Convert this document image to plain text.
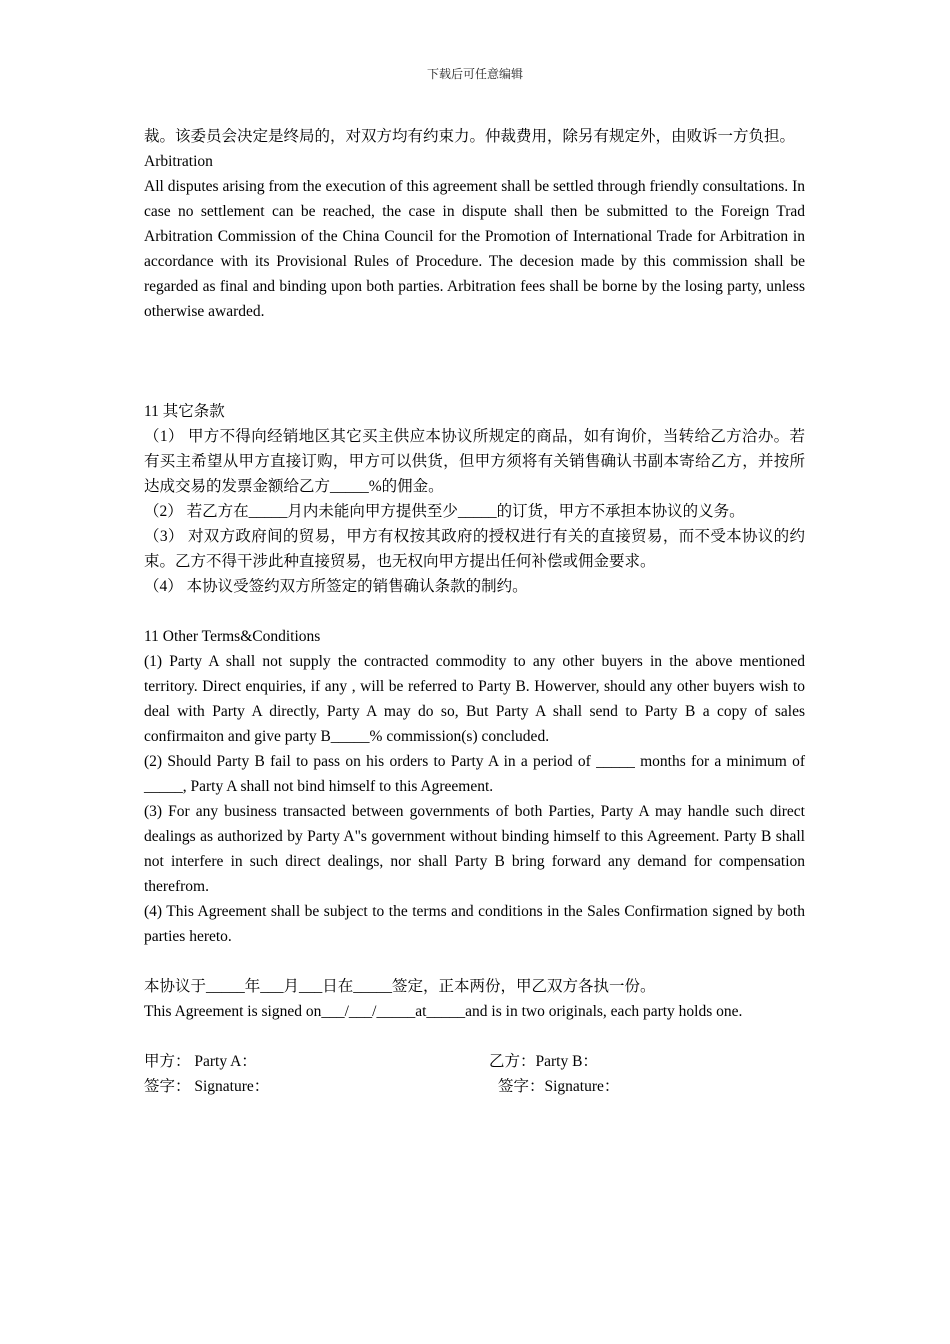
下载后可任意编辑

裁。该委员会决定是终局的，对双方均有约束力。仲裁费用，除另有规定外，由败诉一方负担。

Arbitration

All disputes arising from the execution of this agreement shall be settled through friendly consultations. In case no settlement can be reached, the case in dispute shall then be submitted to the Foreign Trad Arbitration Commission of the China Council for the Promotion of International Trade for Arbitration in accordance with its Provisional Rules of Procedure. The decesion made by this commission shall be regarded as final and binding upon both parties. Arbitration fees shall be borne by the losing party, unless otherwise awarded.

11 其它条款

（1） 甲方不得向经销地区其它买主供应本协议所规定的商品，如有询价，当转给乙方洽办。若有买主希望从甲方直接订购，甲方可以供货，但甲方须将有关销售确认书副本寄给乙方，并按所达成交易的发票金额给乙方_____%的佣金。

（2） 若乙方在_____月内未能向甲方提供至少_____的订货，甲方不承担本协议的义务。

（3） 对双方政府间的贸易，甲方有权按其政府的授权进行有关的直接贸易，而不受本协议的约束。乙方不得干涉此种直接贸易，也无权向甲方提出任何补偿或佣金要求。

（4） 本协议受签约双方所签定的销售确认条款的制约。

11 Other Terms&Conditions

(1) Party A shall not supply the contracted commodity to any other buyers in the above mentioned territory. Direct enquiries, if any , will be referred to Party B. Howerver, should any other buyers wish to deal with Party A directly, Party A may do so, But Party A shall send to Party B a copy of sales confirmaiton and give party B_____% commission(s) concluded.

(2) Should Party B fail to pass on his orders to Party A in a period of _____ months for a minimum of _____, Party A shall not bind himself to this Agreement.

(3) For any business transacted between governments of both Parties, Party A may handle such direct dealings as authorized by Party A"s government without binding himself to this Agreement. Party B shall not interfere in such direct dealings, nor shall Party B bring forward any demand for compensation therefrom.

(4) This Agreement shall be subject to the terms and conditions in the Sales Confirmation signed by both parties hereto.

本协议于_____年___月___日在_____签定，正本两份，甲乙双方各执一份。

This Agreement is signed on___/___/_____at_____and is in two originals, each party holds one.

甲方： Party A：	乙方：Party B：
签字： Signature：	签字：Signature：
